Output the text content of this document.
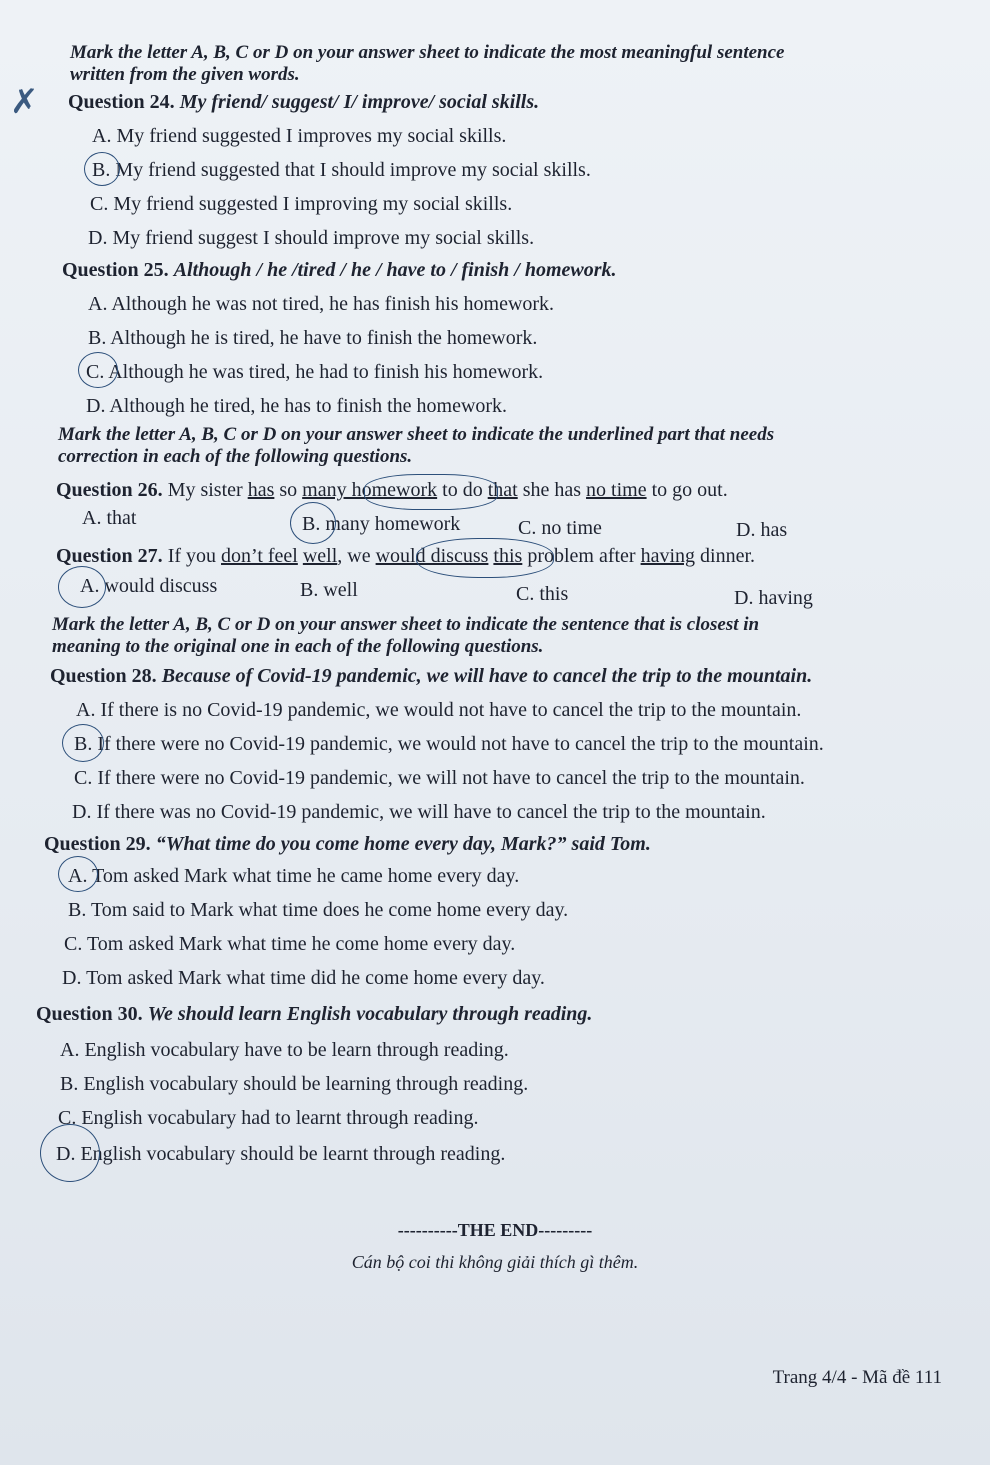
✗

Mark the letter A, B, C or D on your answer sheet to indicate the most meaningful sentence
written from the given words.

Question 24. My friend/ suggest/ I/ improve/ social skills.

A. My friend suggested I improves my social skills.
B. My friend suggested that I should improve my social skills.
C. My friend suggested I improving my social skills.
D. My friend suggest I should improve my social skills.

Question 25. Although / he /tired / he / have to / finish / homework.

A. Although he was not tired, he has finish his homework.
B. Although he is tired, he have to finish the homework.
C. Although he was tired, he had to finish his homework.
D. Although he tired, he has to finish the homework.

Mark the letter A, B, C or D on your answer sheet to indicate the underlined part that needs
correction in each of the following questions.

Question 26. My sister has so many homework to do that she has no time to go out.

A. that	B. many homework	C. no time	D. has

Question 27. If you don’t feel well, we would discuss this problem after having dinner.

A. would discuss	B. well	C. this	D. having

Mark the letter A, B, C or D on your answer sheet to indicate the sentence that is closest in
meaning to the original one in each of the following questions.

Question 28. Because of Covid-19 pandemic, we will have to cancel the trip to the mountain.

A. If there is no Covid-19 pandemic, we would not have to cancel the trip to the mountain.
B. If there were no Covid-19 pandemic, we would not have to cancel the trip to the mountain.
C. If there were no Covid-19 pandemic, we will not have to cancel the trip to the mountain.
D. If there was no Covid-19 pandemic, we will have to cancel the trip to the mountain.

Question 29. “What time do you come home every day, Mark?” said Tom.

A. Tom asked Mark what time he came home every day.
B. Tom said to Mark what time does he come home every day.
C. Tom asked Mark what time he come home every day.
D. Tom asked Mark what time did he come home every day.

Question 30. We should learn English vocabulary through reading.

A. English vocabulary have to be learn through reading.
B. English vocabulary should be learning through reading.
C. English vocabulary had to learnt through reading.
D. English vocabulary should be learnt through reading.
----------THE END---------
Cán bộ coi thi không giải thích gì thêm.
Trang 4/4 - Mã đề 111
